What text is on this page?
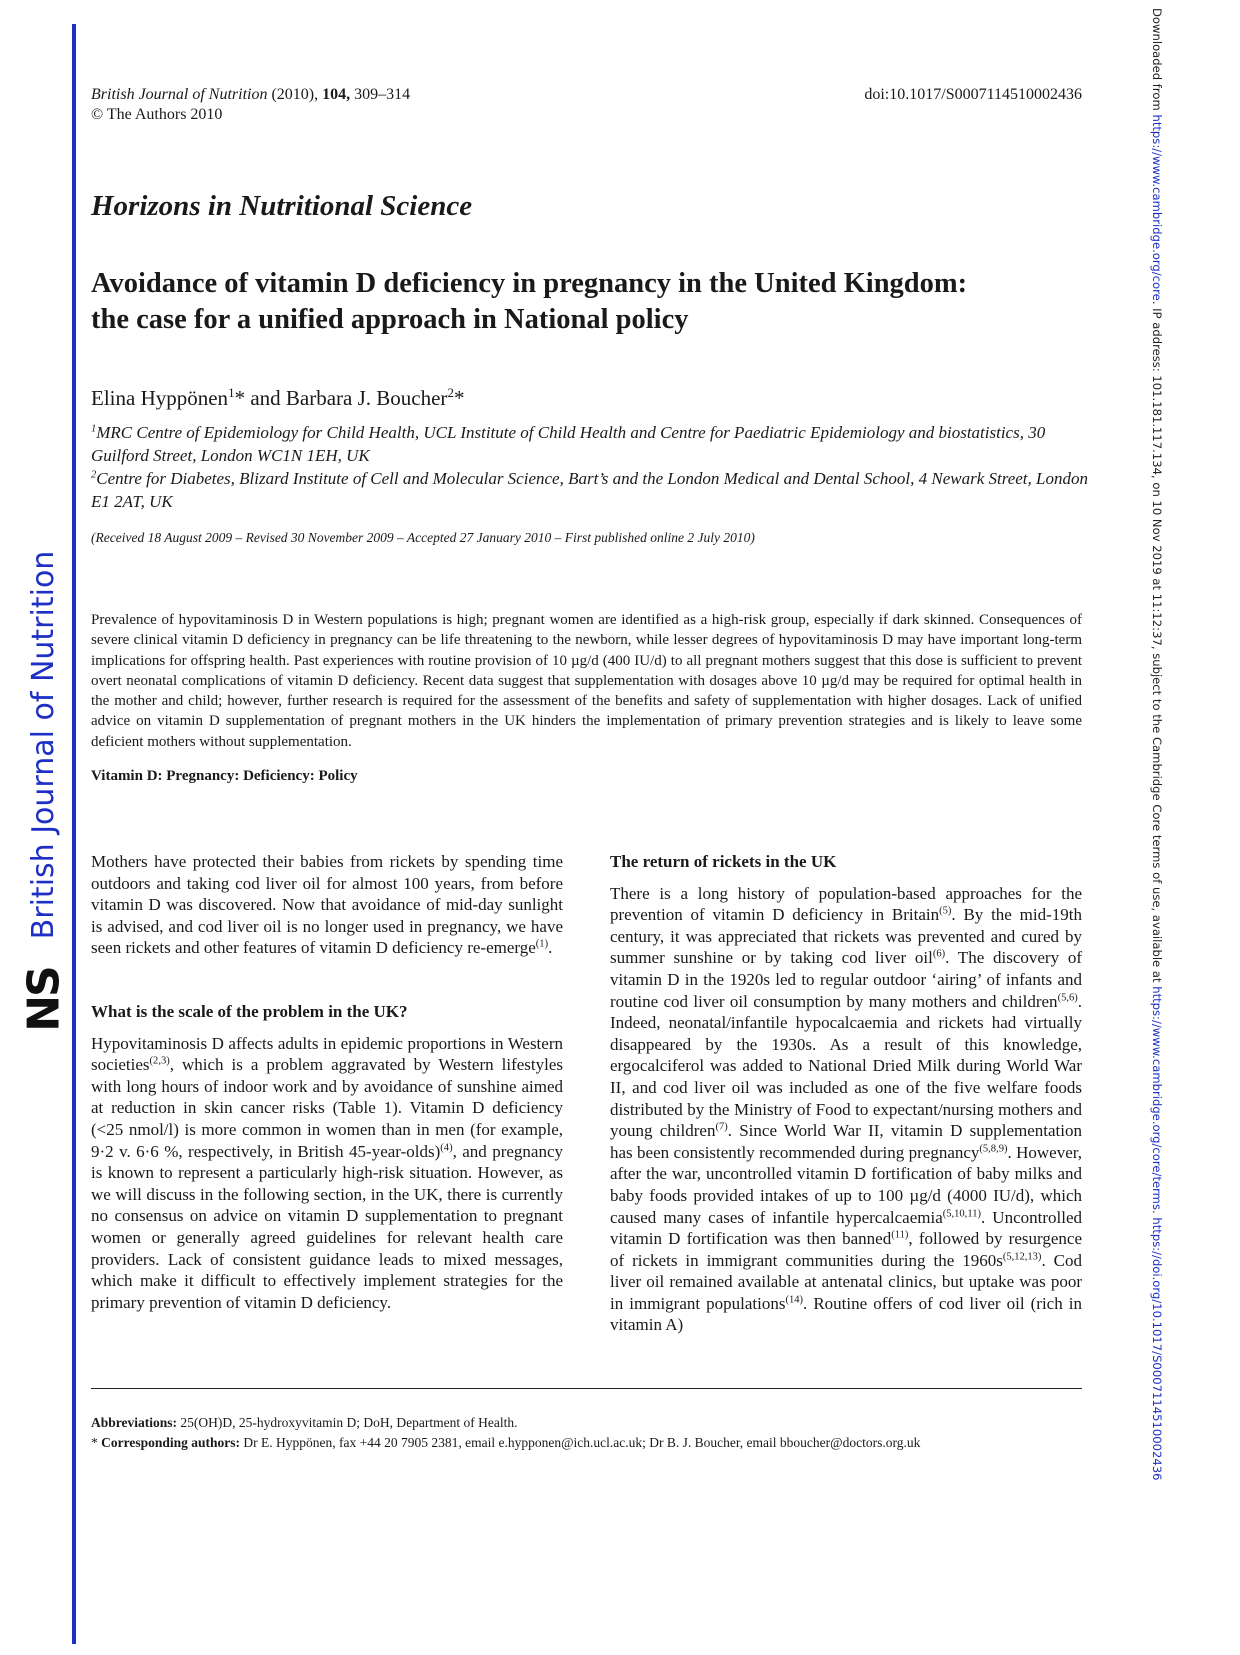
British Journal of Nutrition
NS
Downloaded from https://www.cambridge.org/core. IP address: 101.181.117.134, on 10 Nov 2019 at 11:12:37, subject to the Cambridge Core terms of use, available at https://www.cambridge.org/core/terms. https://doi.org/10.1017/S0007114510002436
British Journal of Nutrition (2010), 104, 309–314
© The Authors 2010
doi:10.1017/S0007114510002436
Horizons in Nutritional Science
Avoidance of vitamin D deficiency in pregnancy in the United Kingdom:
the case for a unified approach in National policy
Elina Hyppönen$^1$* and Barbara J. Boucher$^2$*
$^1$MRC Centre of Epidemiology for Child Health, UCL Institute of Child Health and Centre for Paediatric Epidemiology and biostatistics, 30 Guilford Street, London WC1N 1EH, UK
$^2$Centre for Diabetes, Blizard Institute of Cell and Molecular Science, Bart’s and the London Medical and Dental School, 4 Newark Street, London E1 2AT, UK
(Received 18 August 2009 – Revised 30 November 2009 – Accepted 27 January 2010 – First published online 2 July 2010)
Prevalence of hypovitaminosis D in Western populations is high; pregnant women are identified as a high-risk group, especially if dark skinned. Consequences of severe clinical vitamin D deficiency in pregnancy can be life threatening to the newborn, while lesser degrees of hypovitaminosis D may have important long-term implications for offspring health. Past experiences with routine provision of 10 µg/d (400 IU/d) to all pregnant mothers suggest that this dose is sufficient to prevent overt neonatal complications of vitamin D deficiency. Recent data suggest that supplementation with dosages above 10 µg/d may be required for optimal health in the mother and child; however, further research is required for the assessment of the benefits and safety of supplementation with higher dosages. Lack of unified advice on vitamin D supplementation of pregnant mothers in the UK hinders the implementation of primary prevention strategies and is likely to leave some deficient mothers without supplementation.
Vitamin D: Pregnancy: Deficiency: Policy

Mothers have protected their babies from rickets by spending time outdoors and taking cod liver oil for almost 100 years, from before vitamin D was discovered. Now that avoidance of mid-day sunlight is advised, and cod liver oil is no longer used in pregnancy, we have seen rickets and other features of vitamin D deficiency re-emerge$^{(1)}$.

What is the scale of the problem in the UK?

Hypovitaminosis D affects adults in epidemic proportions in Western societies$^{(2,3)}$, which is a problem aggravated by Western lifestyles with long hours of indoor work and by avoidance of sunshine aimed at reduction in skin cancer risks (Table 1). Vitamin D deficiency (<25 nmol/l) is more common in women than in men (for example, 9·2 v. 6·6 %, respectively, in British 45-year-olds)$^{(4)}$, and pregnancy is known to represent a particularly high-risk situation. However, as we will discuss in the following section, in the UK, there is currently no consensus on advice on vitamin D supplementation to pregnant women or generally agreed guidelines for relevant health care providers. Lack of consistent guidance leads to mixed messages, which make it difficult to effectively implement strategies for the primary prevention of vitamin D deficiency.

The return of rickets in the UK

There is a long history of population-based approaches for the prevention of vitamin D deficiency in Britain$^{(5)}$. By the mid-19th century, it was appreciated that rickets was prevented and cured by summer sunshine or by taking cod liver oil$^{(6)}$. The discovery of vitamin D in the 1920s led to regular outdoor ‘airing’ of infants and routine cod liver oil consumption by many mothers and children$^{(5,6)}$. Indeed, neonatal/infantile hypocalcaemia and rickets had virtually disappeared by the 1930s. As a result of this knowledge, ergocalciferol was added to National Dried Milk during World War II, and cod liver oil was included as one of the five welfare foods distributed by the Ministry of Food to expectant/nursing mothers and young children$^{(7)}$. Since World War II, vitamin D supplementation has been consistently recommended during pregnancy$^{(5,8,9)}$. However, after the war, uncontrolled vitamin D fortification of baby milks and baby foods provided intakes of up to 100 µg/d (4000 IU/d), which caused many cases of infantile hypercalcaemia$^{(5,10,11)}$. Uncontrolled vitamin D fortification was then banned$^{(11)}$, followed by resurgence of rickets in immigrant communities during the $1960s^{(5,12,13)}$. Cod liver oil remained available at antenatal clinics, but uptake was poor in immigrant populations$^{(14)}$. Routine offers of cod liver oil (rich in vitamin A)

Abbreviations: 25(OH)D, 25-hydroxyvitamin D; DoH, Department of Health.

* Corresponding authors: Dr E. Hyppönen, fax +44 20 7905 2381, email e.hypponen@ich.ucl.ac.uk; Dr B. J. Boucher, email bboucher@doctors.org.uk
